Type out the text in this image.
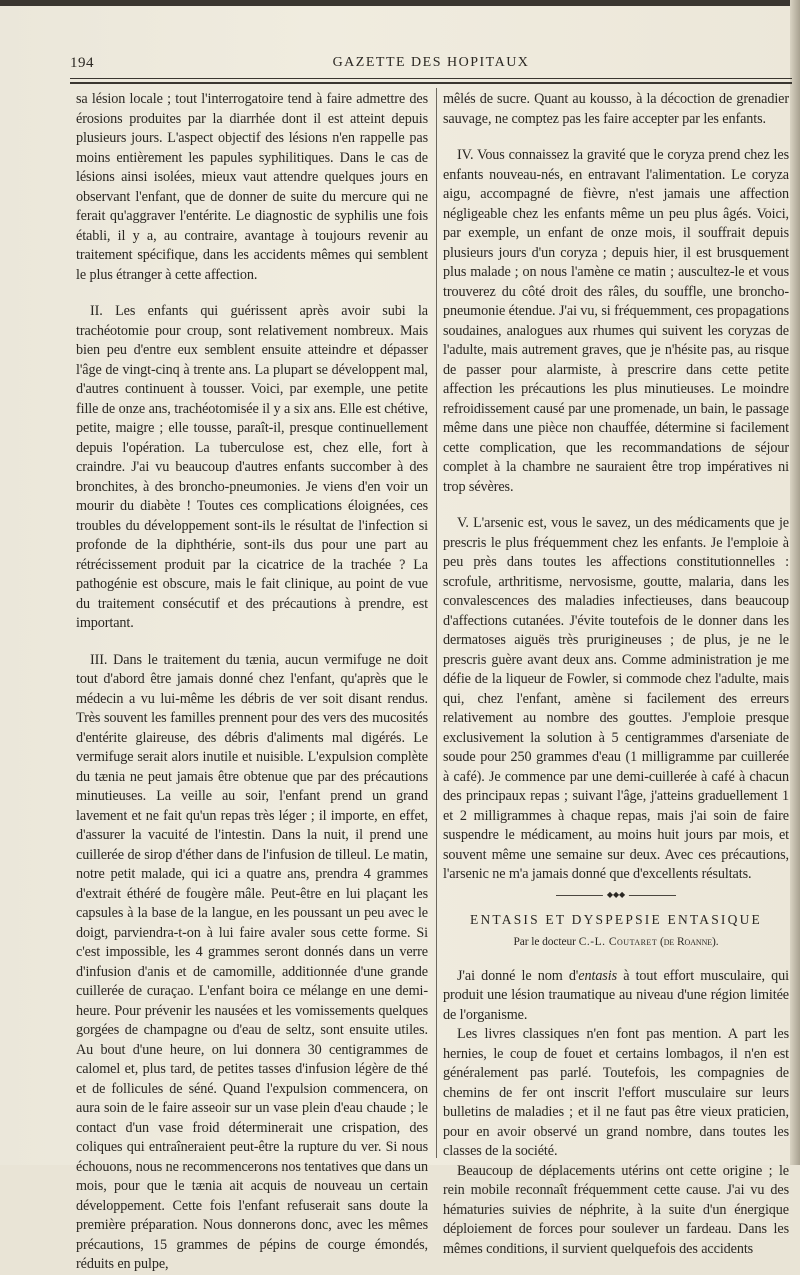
194	GAZETTE DES HOPITAUX

sa lésion locale ; tout l'interrogatoire tend à faire admettre des érosions produites par la diarrhée dont il est atteint depuis plusieurs jours. L'aspect objectif des lésions n'en rappelle pas moins entièrement les papules syphilitiques. Dans le cas de lésions ainsi isolées, mieux vaut attendre quelques jours en observant l'enfant, que de donner de suite du mercure qui ne ferait qu'aggraver l'entérite. Le diagnostic de syphilis une fois établi, il y a, au contraire, avantage à toujours revenir au traitement spécifique, dans les accidents mêmes qui semblent le plus étranger à cette affection.

II. Les enfants qui guérissent après avoir subi la trachéotomie pour croup, sont relativement nombreux. Mais bien peu d'entre eux semblent ensuite atteindre et dépasser l'âge de vingt-cinq à trente ans. La plupart se développent mal, d'autres continuent à tousser. Voici, par exemple, une petite fille de onze ans, trachéotomisée il y a six ans. Elle est chétive, petite, maigre ; elle tousse, paraît-il, presque continuellement depuis l'opération. La tuberculose est, chez elle, fort à craindre. J'ai vu beaucoup d'autres enfants succomber à des bronchites, à des broncho-pneumonies. Je viens d'en voir un mourir du diabète ! Toutes ces complications éloignées, ces troubles du développement sont-ils le résultat de l'infection si profonde de la diphthérie, sont-ils dus pour une part au rétrécissement produit par la cicatrice de la trachée ? La pathogénie est obscure, mais le fait clinique, au point de vue du traitement consécutif et des précautions à prendre, est important.

III. Dans le traitement du tænia, aucun vermifuge ne doit tout d'abord être jamais donné chez l'enfant, qu'après que le médecin a vu lui-même les débris de ver soit disant rendus. Très souvent les familles prennent pour des vers des mucosités d'entérite glaireuse, des débris d'aliments mal digérés. Le vermifuge serait alors inutile et nuisible. L'expulsion complète du tænia ne peut jamais être obtenue que par des précautions minutieuses. La veille au soir, l'enfant prend un grand lavement et ne fait qu'un repas très léger ; il importe, en effet, d'assurer la vacuité de l'intestin. Dans la nuit, il prend une cuillerée de sirop d'éther dans de l'infusion de tilleul. Le matin, notre petit malade, qui ici a quatre ans, prendra 4 grammes d'extrait éthéré de fougère mâle. Peut-être en lui plaçant les capsules à la base de la langue, en les poussant un peu avec le doigt, parviendra-t-on à lui faire avaler sous cette forme. Si c'est impossible, les 4 grammes seront donnés dans un verre d'infusion d'anis et de camomille, additionnée d'une grande cuillerée de curaçao. L'enfant boira ce mélange en une demi-heure. Pour prévenir les nausées et les vomissements quelques gorgées de champagne ou d'eau de seltz, sont ensuite utiles. Au bout d'une heure, on lui donnera 30 centigrammes de calomel et, plus tard, de petites tasses d'infusion légère de thé et de follicules de séné. Quand l'expulsion commencera, on aura soin de le faire asseoir sur un vase plein d'eau chaude ; le contact d'un vase froid déterminerait une crispation, des coliques qui entraîneraient peut-être la rupture du ver. Si nous échouons, nous ne recommencerons nos tentatives que dans un mois, pour que le tænia ait acquis de nouveau un certain développement. Cette fois l'enfant refuserait sans doute la première préparation. Nous donnerons donc, avec les mêmes précautions, 15 grammes de pépins de courge émondés, réduits en pulpe,

mêlés de sucre. Quant au kousso, à la décoction de grenadier sauvage, ne comptez pas les faire accepter par les enfants.

IV. Vous connaissez la gravité que le coryza prend chez les enfants nouveau-nés, en entravant l'alimentation. Le coryza aigu, accompagné de fièvre, n'est jamais une affection négligeable chez les enfants même un peu plus âgés. Voici, par exemple, un enfant de onze mois, il souffrait depuis plusieurs jours d'un coryza ; depuis hier, il est brusquement plus malade ; on nous l'amène ce matin ; auscultez-le et vous trouverez du côté droit des râles, du souffle, une broncho-pneumonie étendue. J'ai vu, si fréquemment, ces propagations soudaines, analogues aux rhumes qui suivent les coryzas de l'adulte, mais autrement graves, que je n'hésite pas, au risque de passer pour alarmiste, à prescrire dans cette petite affection les précautions les plus minutieuses. Le moindre refroidissement causé par une promenade, un bain, le passage même dans une pièce non chauffée, détermine si facilement cette complication, que les recommandations de séjour complet à la chambre ne sauraient être trop impératives ni trop sévères.

V. L'arsenic est, vous le savez, un des médicaments que je prescris le plus fréquemment chez les enfants. Je l'emploie à peu près dans toutes les affections constitutionnelles : scrofule, arthritisme, nervosisme, goutte, malaria, dans les convalescences des maladies infectieuses, dans beaucoup d'affections cutanées. J'évite toutefois de le donner dans les dermatoses aiguës très prurigineuses ; de plus, je ne le prescris guère avant deux ans. Comme administration je me défie de la liqueur de Fowler, si commode chez l'adulte, mais qui, chez l'enfant, amène si facilement des erreurs relativement au nombre des gouttes. J'emploie presque exclusivement la solution à 5 centigrammes d'arseniate de soude pour 250 grammes d'eau (1 milligramme par cuillerée à café). Je commence par une demi-cuillerée à café à chacun des principaux repas ; suivant l'âge, j'atteins graduellement 1 et 2 milligrammes à chaque repas, mais j'ai soin de faire suspendre le médicament, au moins huit jours par mois, et souvent même une semaine sur deux. Avec ces précautions, l'arsenic ne m'a jamais donné que d'excellents résultats.

◆◆◆
ENTASIS ET DYSPEPSIE ENTASIQUE
Par le docteur C.-L. Coutaret (de Roanne).

J'ai donné le nom d'entasis à tout effort musculaire, qui produit une lésion traumatique au niveau d'une région limitée de l'organisme.

Les livres classiques n'en font pas mention. A part les hernies, le coup de fouet et certains lombagos, il n'en est généralement pas parlé. Toutefois, les compagnies de chemins de fer ont inscrit l'effort musculaire sur leurs bulletins de maladies ; et il ne faut pas être vieux praticien, pour en avoir observé un grand nombre, dans toutes les classes de la société.

Beaucoup de déplacements utérins ont cette origine ; le rein mobile reconnaît fréquemment cette cause. J'ai vu des hématuries suivies de néphrite, à la suite d'un énergique déploiement de forces pour soulever un fardeau. Dans les mêmes conditions, il survient quelquefois des accidents
